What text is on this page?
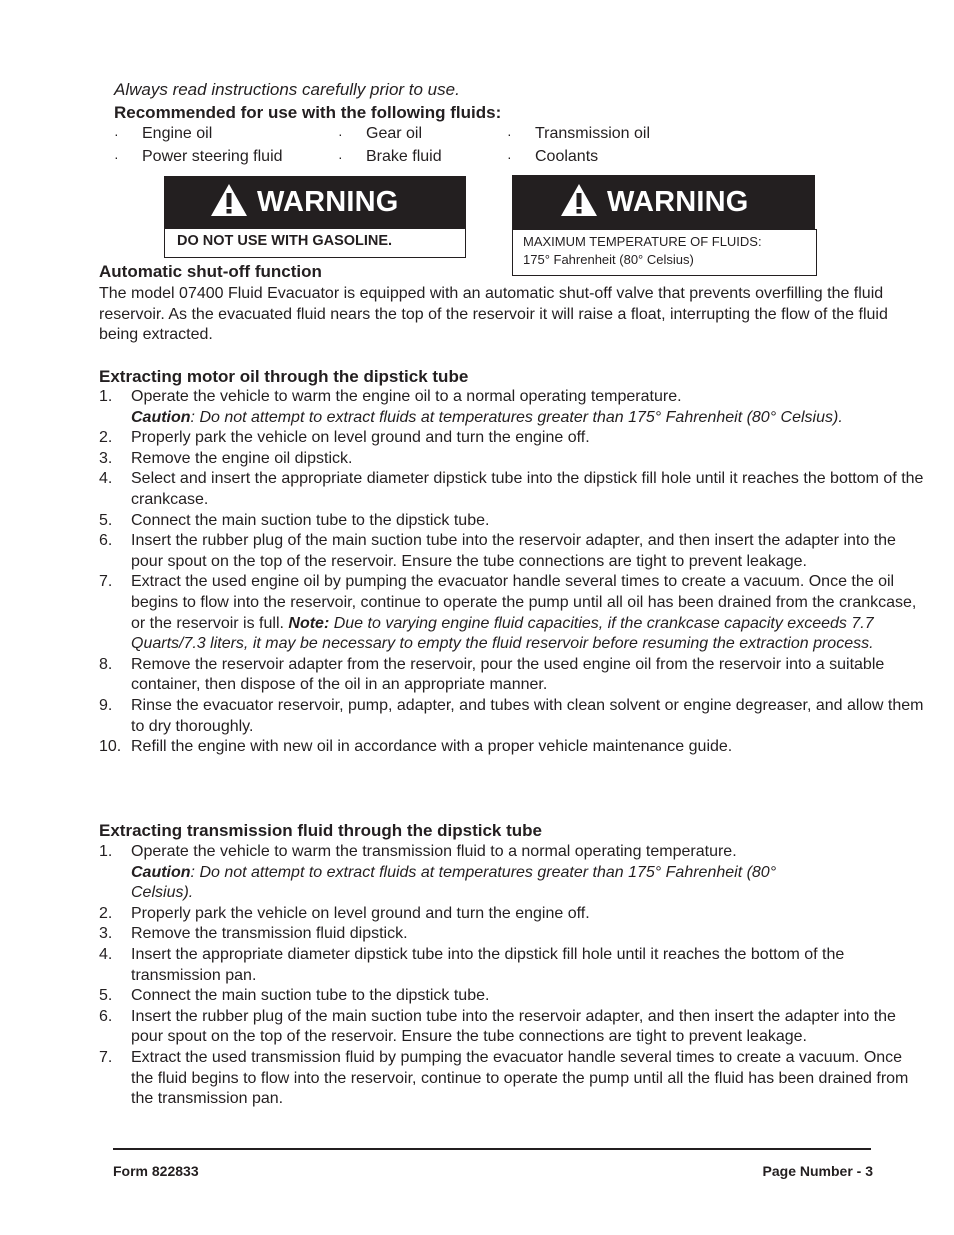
Always read instructions carefully prior to use.
Recommended for use with the following fluids:
· Engine oil	· Gear oil	· Transmission oil
· Power steering fluid	· Brake fluid	· Coolants
WARNING
DO NOT USE WITH GASOLINE.
WARNING
MAXIMUM TEMPERATURE OF FLUIDS:
175° Fahrenheit (80° Celsius)
Automatic shut-off function
The model 07400 Fluid Evacuator is equipped with an automatic shut-off valve that prevents overfilling the fluid reservoir. As the evacuated fluid nears the top of the reservoir it will raise a float, interrupting the flow of the fluid being extracted.
Extracting motor oil through the dipstick tube
1. Operate the vehicle to warm the engine oil to a normal operating temperature.
Caution: Do not attempt to extract fluids at temperatures greater than 175° Fahrenheit (80° Celsius).
2. Properly park the vehicle on level ground and turn the engine off.
3. Remove the engine oil dipstick.
4. Select and insert the appropriate diameter dipstick tube into the dipstick fill hole until it reaches the bottom of the crankcase.
5. Connect the main suction tube to the dipstick tube.
6. Insert the rubber plug of the main suction tube into the reservoir adapter, and then insert the adapter into the pour spout on the top of the reservoir. Ensure the tube connections are tight to prevent leakage.
7. Extract the used engine oil by pumping the evacuator handle several times to create a vacuum. Once the oil begins to flow into the reservoir, continue to operate the pump until all oil has been drained from the crankcase, or the reservoir is full. Note: Due to varying engine fluid capacities, if the crankcase capacity exceeds 7.7 Quarts/7.3 liters, it may be necessary to empty the fluid reservoir before resuming the extraction process.
8. Remove the reservoir adapter from the reservoir, pour the used engine oil from the reservoir into a suitable container, then dispose of the oil in an appropriate manner.
9. Rinse the evacuator reservoir, pump, adapter, and tubes with clean solvent or engine degreaser, and allow them to dry thoroughly.
10. Refill the engine with new oil in accordance with a proper vehicle maintenance guide.
Extracting transmission fluid through the dipstick tube
1. Operate the vehicle to warm the transmission fluid to a normal operating temperature.
Caution: Do not attempt to extract fluids at temperatures greater than 175° Fahrenheit (80° Celsius).
2. Properly park the vehicle on level ground and turn the engine off.
3. Remove the transmission fluid dipstick.
4. Insert the appropriate diameter dipstick tube into the dipstick fill hole until it reaches the bottom of the transmission pan.
5. Connect the main suction tube to the dipstick tube.
6. Insert the rubber plug of the main suction tube into the reservoir adapter, and then insert the adapter into the pour spout on the top of the reservoir. Ensure the tube connections are tight to prevent leakage.
7. Extract the used transmission fluid by pumping the evacuator handle several times to create a vacuum. Once the fluid begins to flow into the reservoir, continue to operate the pump until all the fluid has been drained from the transmission pan.
Form 822833	Page Number - 3
